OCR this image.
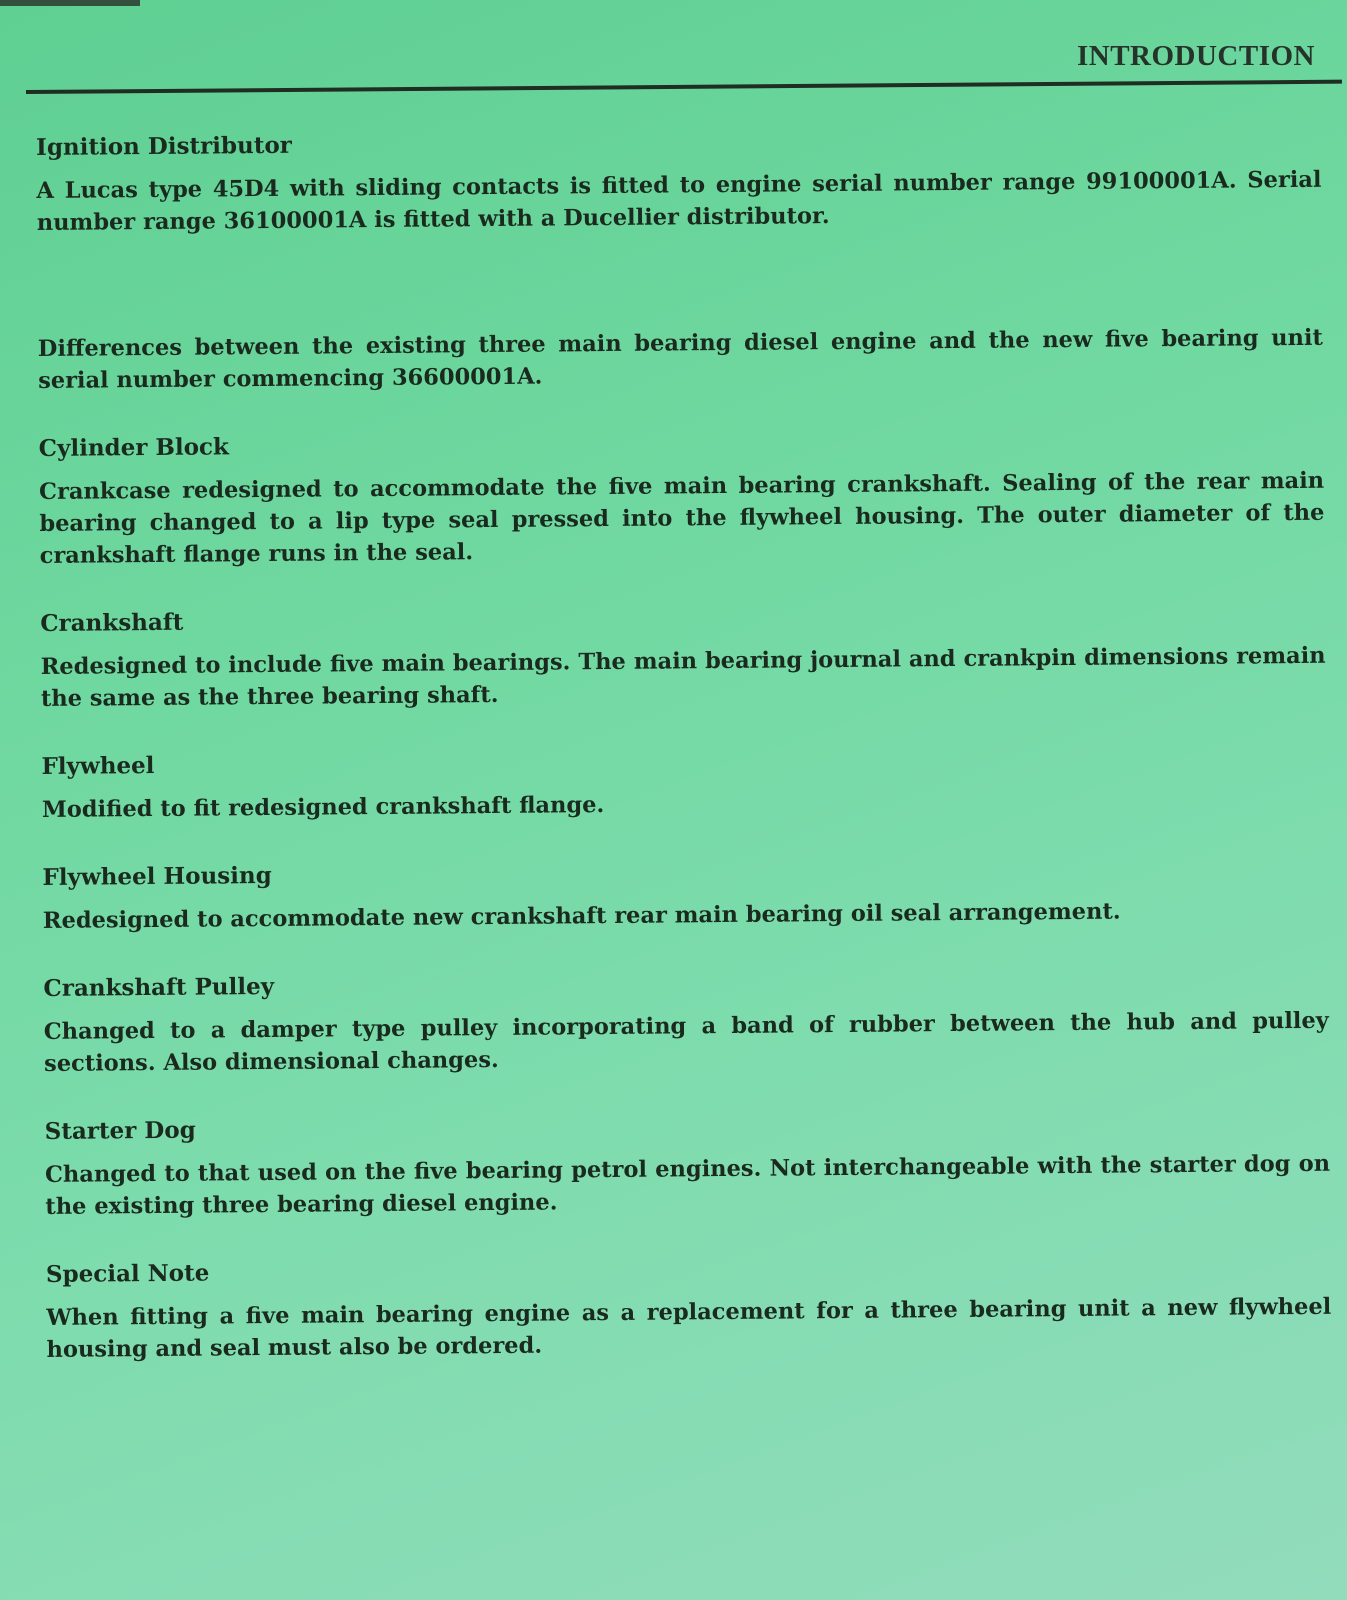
INTRODUCTION
Ignition Distributor

A Lucas type 45D4 with sliding contacts is fitted to engine serial number range 99100001A. Serial number range 36100001A is fitted with a Ducellier distributor.

Differences between the existing three main bearing diesel engine and the new five bearing unit serial number commencing 36600001A.

Cylinder Block

Crankcase redesigned to accommodate the five main bearing crankshaft. Sealing of the rear main bearing changed to a lip type seal pressed into the flywheel housing. The outer diameter of the crankshaft flange runs in the seal.

Crankshaft

Redesigned to include five main bearings. The main bearing journal and crankpin dimensions remain the same as the three bearing shaft.

Flywheel

Modified to fit redesigned crankshaft flange.

Flywheel Housing

Redesigned to accommodate new crankshaft rear main bearing oil seal arrangement.

Crankshaft Pulley

Changed to a damper type pulley incorporating a band of rubber between the hub and pulley sections. Also dimensional changes.

Starter Dog

Changed to that used on the five bearing petrol engines. Not interchangeable with the starter dog on the existing three bearing diesel engine.

Special Note

When fitting a five main bearing engine as a replacement for a three bearing unit a new flywheel housing and seal must also be ordered.
